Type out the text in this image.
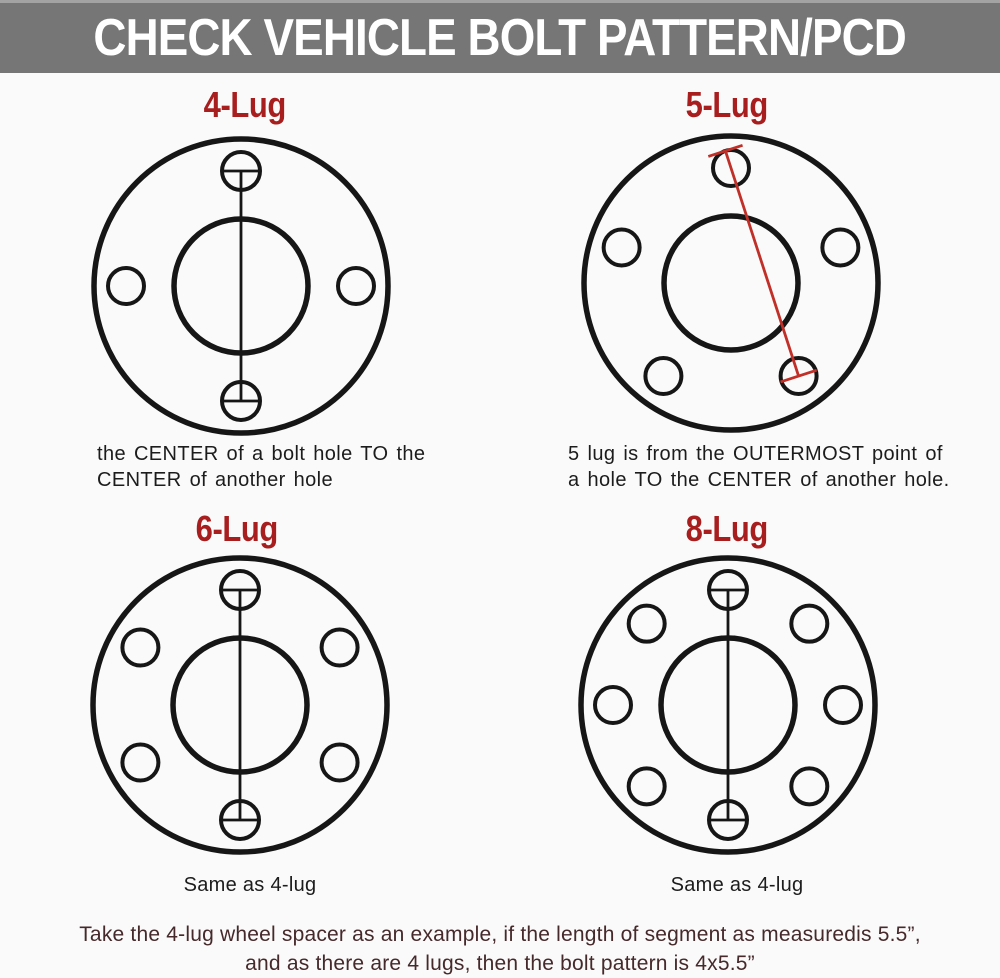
CHECK VEHICLE BOLT PATTERN/PCD
4-Lug
the CENTER of a bolt hole TO the
CENTER of another hole
5-Lug
5 lug is from the OUTERMOST point of
a hole TO the CENTER of another hole.
6-Lug
Same as 4-lug
8-Lug
Same as 4-lug
Take the 4-lug wheel spacer as an example, if the length of segment as measuredis 5.5”,
and as there are 4 lugs, then the bolt pattern is 4x5.5”
